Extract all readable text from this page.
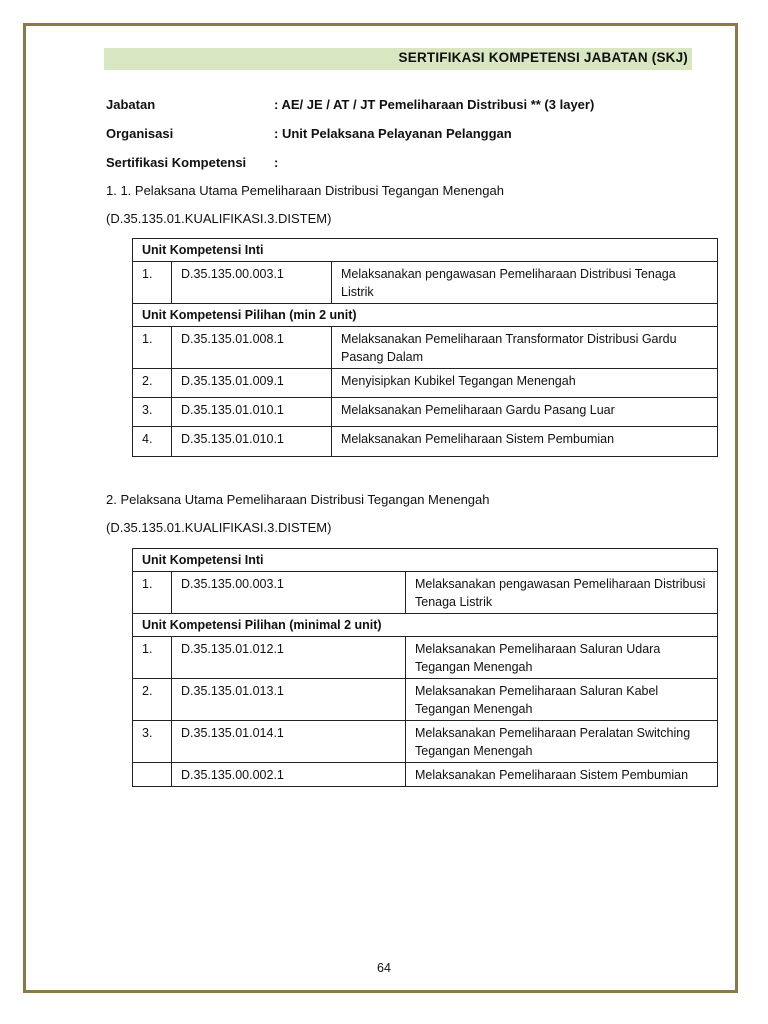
SERTIFIKASI KOMPETENSI JABATAN (SKJ)
Jabatan	: AE/ JE / AT / JT Pemeliharaan Distribusi ** (3 layer)
Organisasi	: Unit Pelaksana Pelayanan Pelanggan
Sertifikasi Kompetensi :
1. 1. Pelaksana Utama Pemeliharaan Distribusi Tegangan Menengah
(D.35.135.01.KUALIFIKASI.3.DISTEM)
Unit Kompetensi Inti		
1.	D.35.135.00.003.1	Melaksanakan pengawasan Pemeliharaan Distribusi Tenaga Listrik
Unit Kompetensi Pilihan (min 2 unit)		
1.	D.35.135.01.008.1	Melaksanakan Pemeliharaan Transformator Distribusi Gardu Pasang Dalam
2.	D.35.135.01.009.1	Menyisipkan Kubikel Tegangan Menengah
3.	D.35.135.01.010.1	Melaksanakan Pemeliharaan Gardu Pasang Luar
4.	D.35.135.01.010.1	Melaksanakan Pemeliharaan Sistem Pembumian
2. Pelaksana Utama Pemeliharaan Distribusi Tegangan Menengah
(D.35.135.01.KUALIFIKASI.3.DISTEM)
Unit Kompetensi Inti		
1.	D.35.135.00.003.1	Melaksanakan pengawasan Pemeliharaan Distribusi Tenaga Listrik
Unit Kompetensi Pilihan (minimal 2 unit)		
1.	D.35.135.01.012.1	Melaksanakan Pemeliharaan Saluran Udara Tegangan Menengah
2.	D.35.135.01.013.1	Melaksanakan Pemeliharaan Saluran Kabel Tegangan Menengah
3.	D.35.135.01.014.1	Melaksanakan Pemeliharaan Peralatan Switching Tegangan Menengah
	D.35.135.00.002.1	Melaksanakan Pemeliharaan Sistem Pembumian
64
